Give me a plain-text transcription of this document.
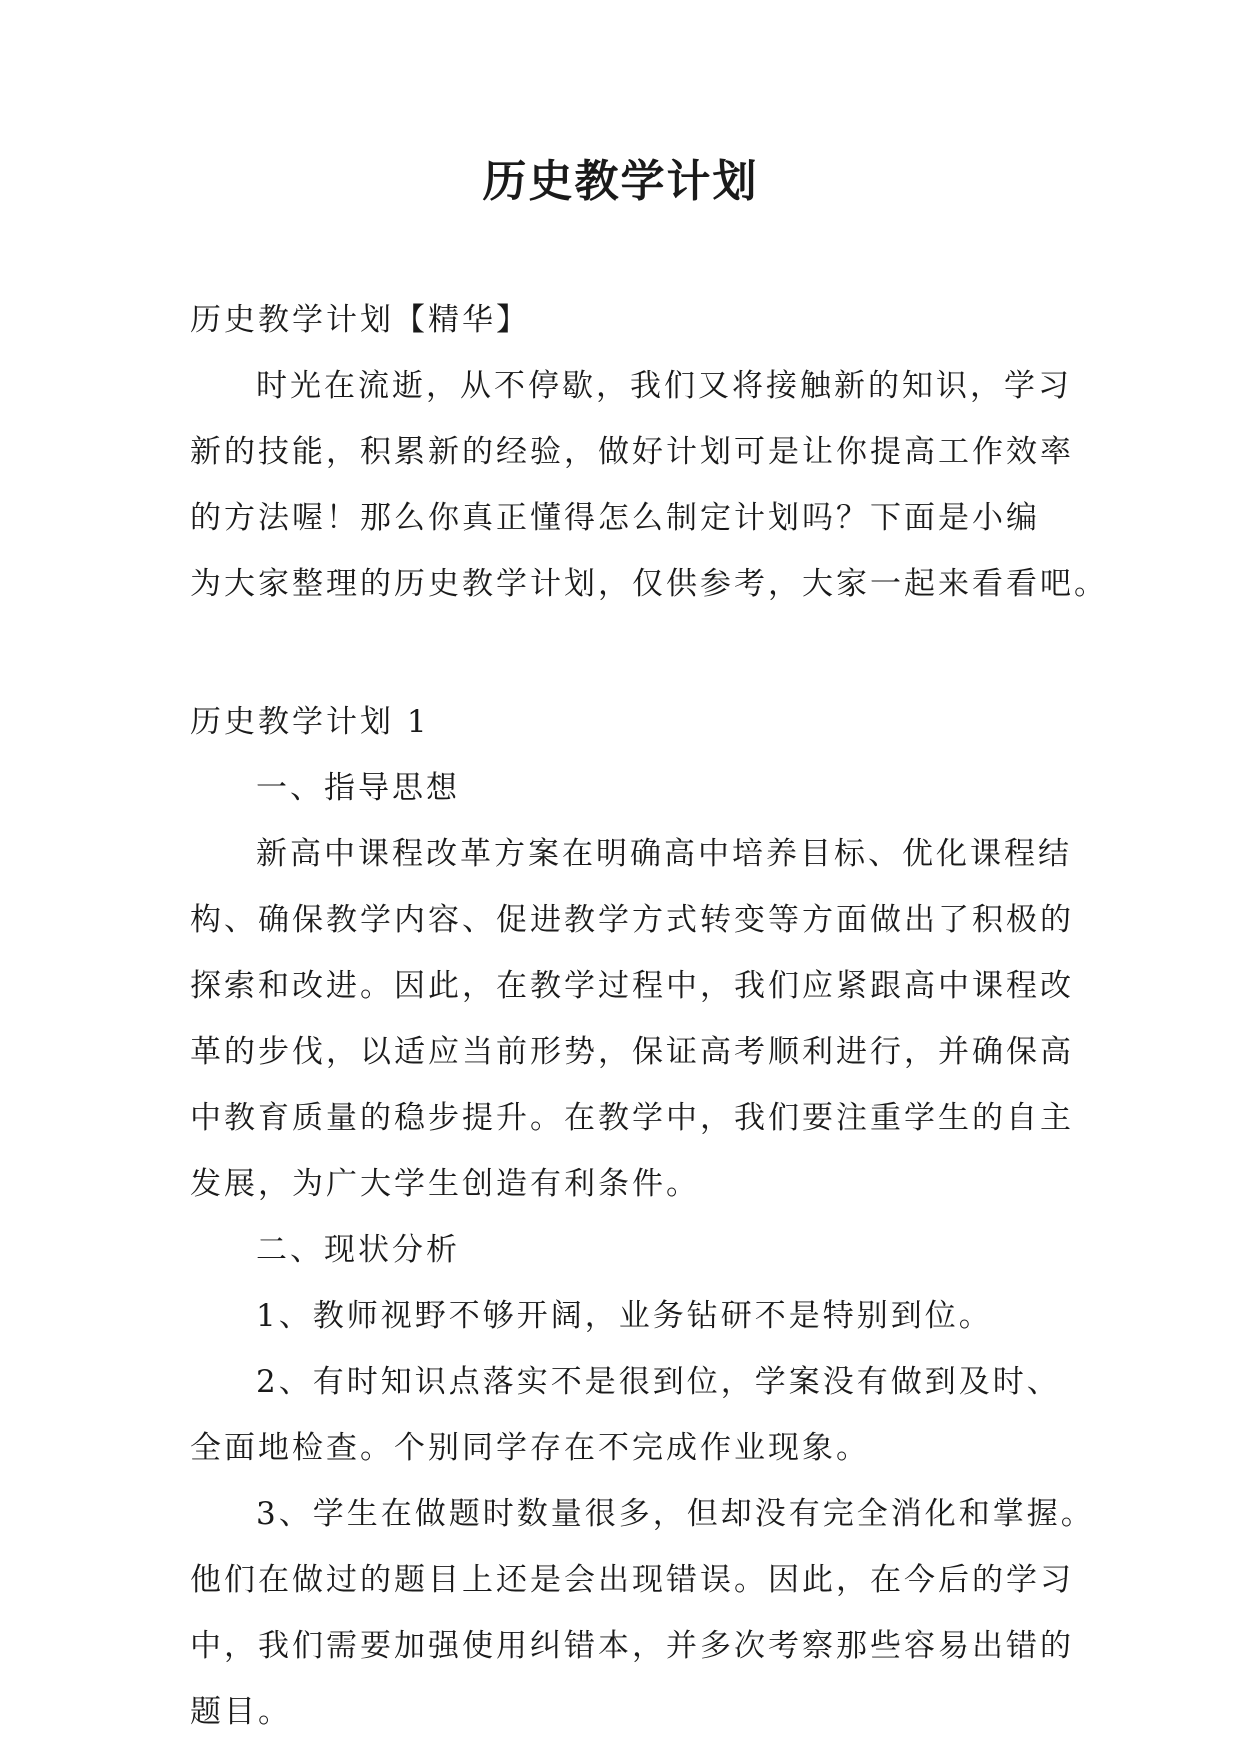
历史教学计划

历史教学计划【精华】

时光在流逝，从不停歇，我们又将接触新的知识，学习

新的技能，积累新的经验，做好计划可是让你提高工作效率

的方法喔！那么你真正懂得怎么制定计划吗？下面是小编

为大家整理的历史教学计划，仅供参考，大家一起来看看吧。

历史教学计划 1

一、指导思想

新高中课程改革方案在明确高中培养目标、优化课程结

构、确保教学内容、促进教学方式转变等方面做出了积极的

探索和改进。因此，在教学过程中，我们应紧跟高中课程改

革的步伐，以适应当前形势，保证高考顺利进行，并确保高

中教育质量的稳步提升。在教学中，我们要注重学生的自主

发展，为广大学生创造有利条件。

二、现状分析

1、教师视野不够开阔，业务钻研不是特别到位。

2、有时知识点落实不是很到位，学案没有做到及时、

全面地检查。个别同学存在不完成作业现象。

3、学生在做题时数量很多，但却没有完全消化和掌握。

他们在做过的题目上还是会出现错误。因此，在今后的学习

中，我们需要加强使用纠错本，并多次考察那些容易出错的

题目。
